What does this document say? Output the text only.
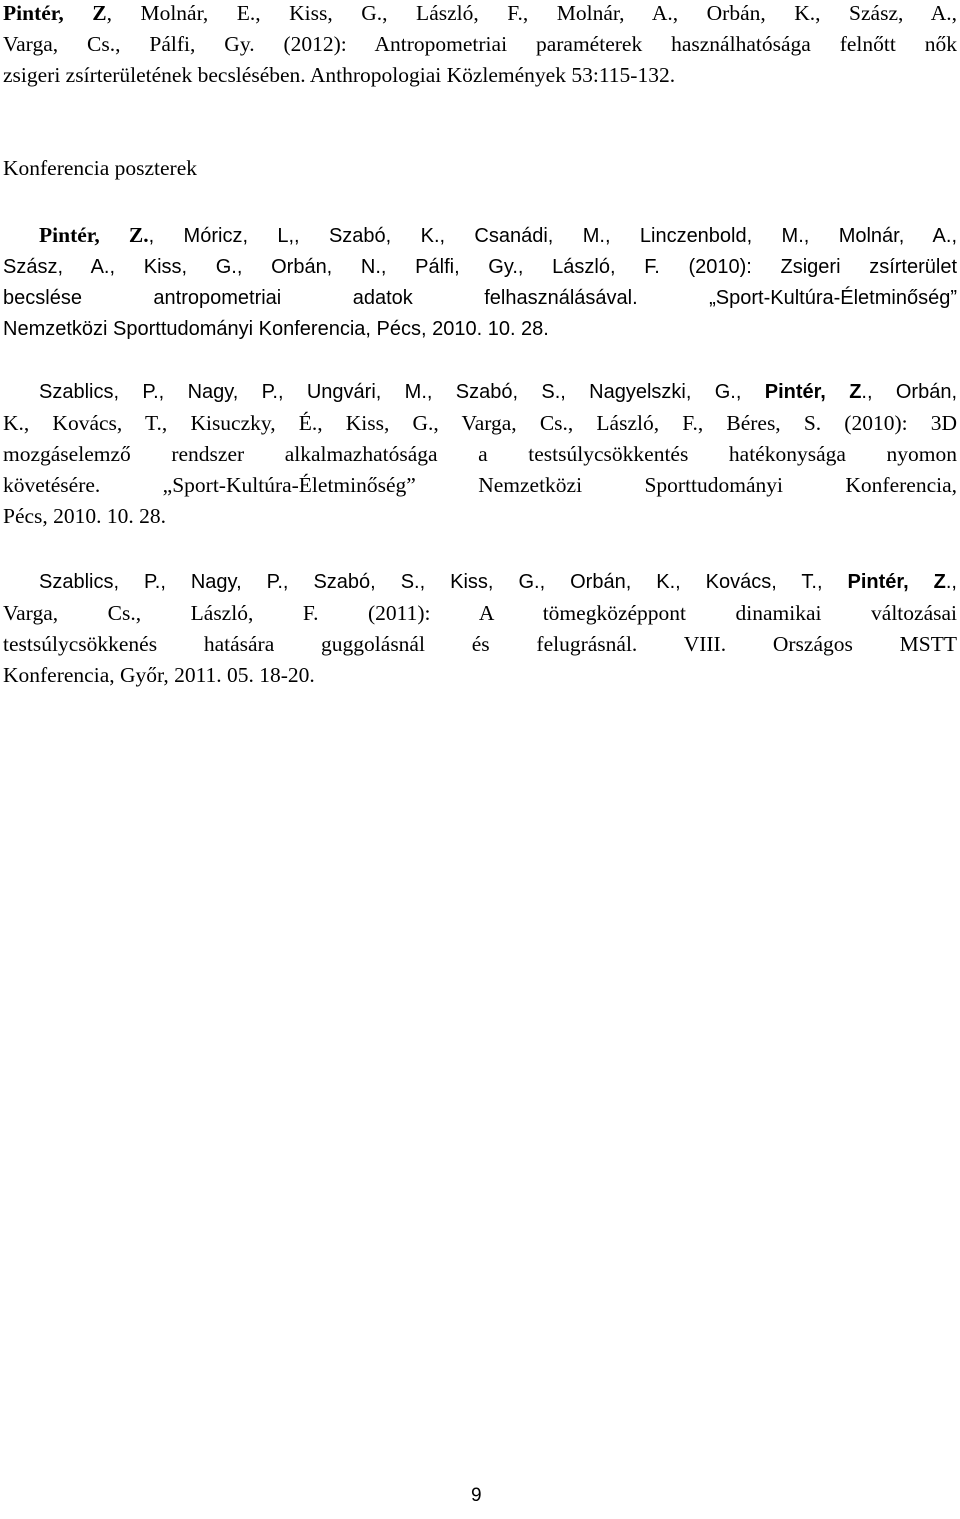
Pintér, Z, Molnár, E., Kiss, G., László, F., Molnár, A., Orbán, K., Szász, A.,
Varga, Cs., Pálfi, Gy. (2012): Antropometriai paraméterek használhatósága felnőtt nők
zsigeri zsírterületének becslésében. Anthropologiai Közlemények 53:115-132.

Konferencia poszterek

Pintér, Z., Móricz, L,, Szabó, K., Csanádi, M., Linczenbold, M., Molnár, A.,
Szász, A., Kiss, G., Orbán, N., Pálfi, Gy., László, F. (2010): Zsigeri zsírterület
becslése antropometriai adatok felhasználásával. „Sport-Kultúra-Életminőség”
Nemzetközi Sporttudományi Konferencia, Pécs, 2010. 10. 28.

Szablics, P., Nagy, P., Ungvári, M., Szabó, S., Nagyelszki, G., Pintér, Z., Orbán,
K., Kovács, T., Kisuczky, É., Kiss, G., Varga, Cs., László, F., Béres, S. (2010): 3D
mozgáselemző rendszer alkalmazhatósága a testsúlycsökkentés hatékonysága nyomon
követésére. „Sport-Kultúra-Életminőség” Nemzetközi Sporttudományi Konferencia,
Pécs, 2010. 10. 28.

Szablics, P., Nagy, P., Szabó, S., Kiss, G., Orbán, K., Kovács, T., Pintér, Z.,
Varga, Cs., László, F. (2011): A tömegközéppont dinamikai változásai
testsúlycsökkenés hatására guggolásnál és felugrásnál. VIII. Országos MSTT
Konferencia, Győr, 2011. 05. 18-20.

9
